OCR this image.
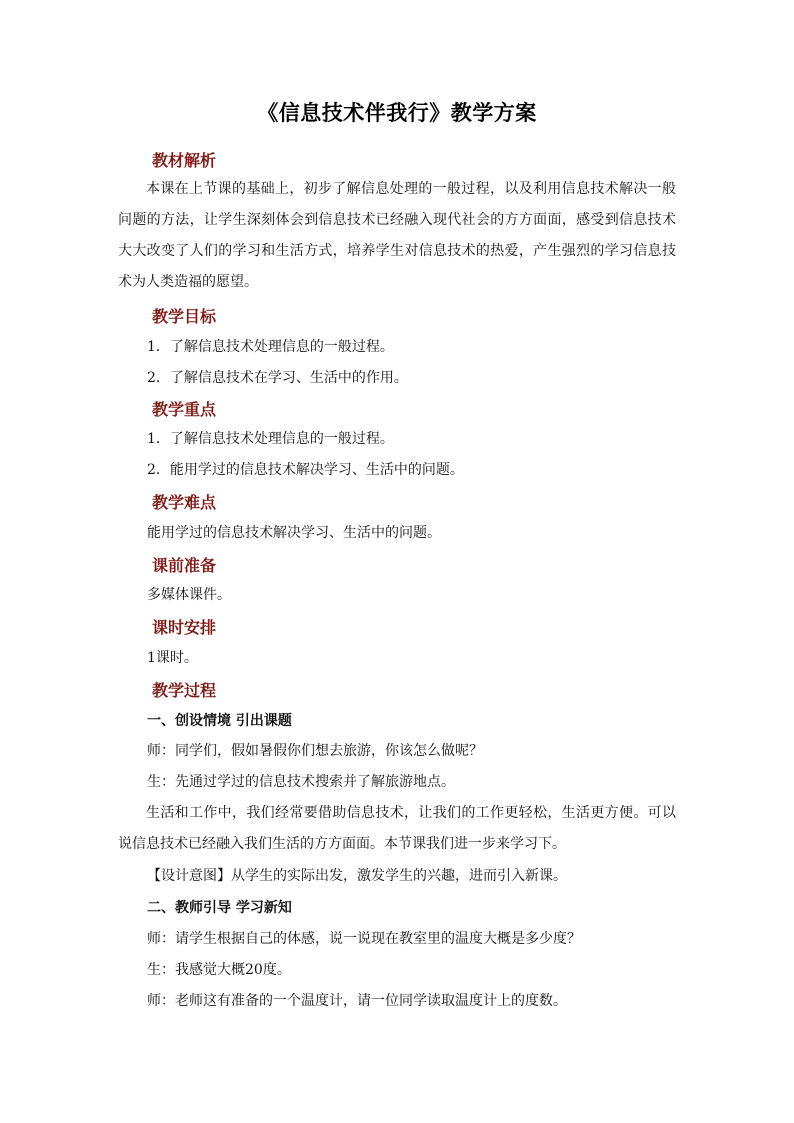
《信息技术伴我行》教学方案
教材解析
本课在上节课的基础上，初步了解信息处理的一般过程，以及利用信息技术解决一般问题的方法，让学生深刻体会到信息技术已经融入现代社会的方方面面，感受到信息技术大大改变了人们的学习和生活方式，培养学生对信息技术的热爱，产生强烈的学习信息技术为人类造福的愿望。
教学目标
1．了解信息技术处理信息的一般过程。
2．了解信息技术在学习、生活中的作用。
教学重点
1．了解信息技术处理信息的一般过程。
2．能用学过的信息技术解决学习、生活中的问题。
教学难点
能用学过的信息技术解决学习、生活中的问题。
课前准备
多媒体课件。
课时安排
1课时。
教学过程
一、创设情境 引出课题
师：同学们，假如暑假你们想去旅游，你该怎么做呢？
生：先通过学过的信息技术搜索并了解旅游地点。
生活和工作中，我们经常要借助信息技术，让我们的工作更轻松，生活更方便。可以说信息技术已经融入我们生活的方方面面。本节课我们进一步来学习下。
【设计意图】从学生的实际出发，激发学生的兴趣，进而引入新课。
二、教师引导 学习新知
师：请学生根据自己的体感，说一说现在教室里的温度大概是多少度？
生：我感觉大概20度。
师：老师这有准备的一个温度计，请一位同学读取温度计上的度数。
